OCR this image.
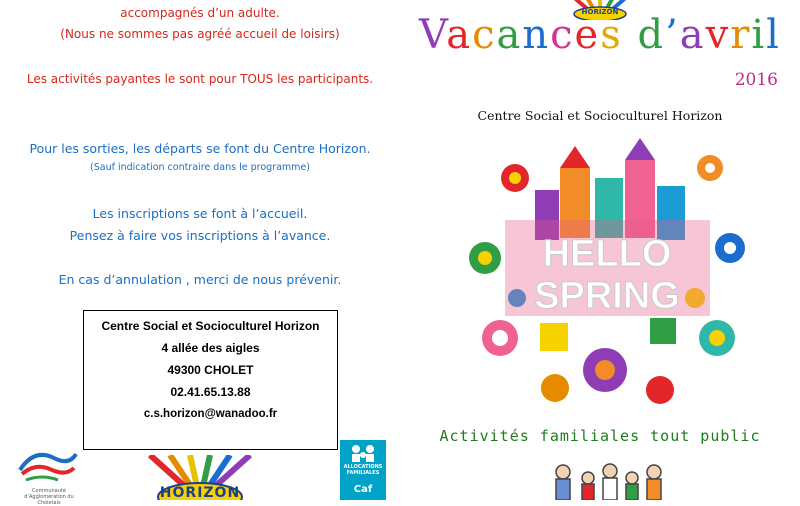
accompagnés d’un adulte.
(Nous ne sommes pas agréé accueil de loisirs)
Les activités payantes le sont pour TOUS les participants.
Pour les sorties, les départs se font du Centre Horizon.
(Sauf indication contraire dans le programme)
Les inscriptions se font à l’accueil.
Pensez à faire vos inscriptions à l’avance.
En cas d’annulation , merci de nous prévenir.
Centre Social et Socioculturel Horizon
4 allée des aigles
49300 CHOLET
02.41.65.13.88
c.s.horizon@wanadoo.fr
Communauté d’Agglomération du Choletais
HORIZON
ALLOCATIONS
FAMILIALES
Caf
HORIZON
Vacances d’avril
2016
Centre Social et Socioculturel Horizon
HELLO
SPRING
Activités familiales tout public
